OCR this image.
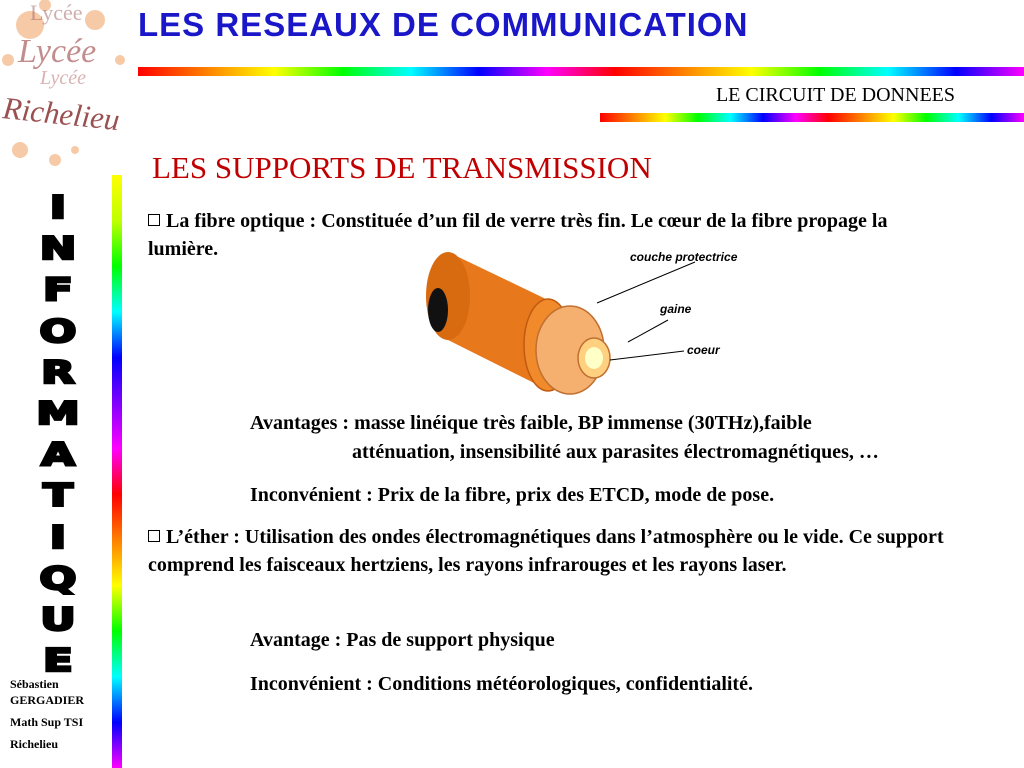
Lycée
Lycée
Lycée
Richelieu
LES RESEAUX DE COMMUNICATION
LE CIRCUIT DE DONNEES
I
N
F
O
R
M
A
T
I
Q
U
E
Sébastien
GERGADIER
Math Sup TSI
Richelieu
LES SUPPORTS DE TRANSMISSION
La fibre optique : Constituée d’un fil de verre très fin. Le cœur de la fibre propage la lumière.	couche protectrice
gaine
coeur
Avantages : masse linéique très faible, BP immense (30THz),faible
atténuation, insensibilité aux parasites électromagnétiques, …
Inconvénient : Prix de la fibre, prix des ETCD, mode de pose.
L’éther : Utilisation des ondes électromagnétiques dans l’atmosphère ou le vide. Ce support comprend les faisceaux hertziens, les rayons infrarouges et les rayons laser.
Avantage : Pas de support physique
Inconvénient : Conditions météorologiques, confidentialité.
